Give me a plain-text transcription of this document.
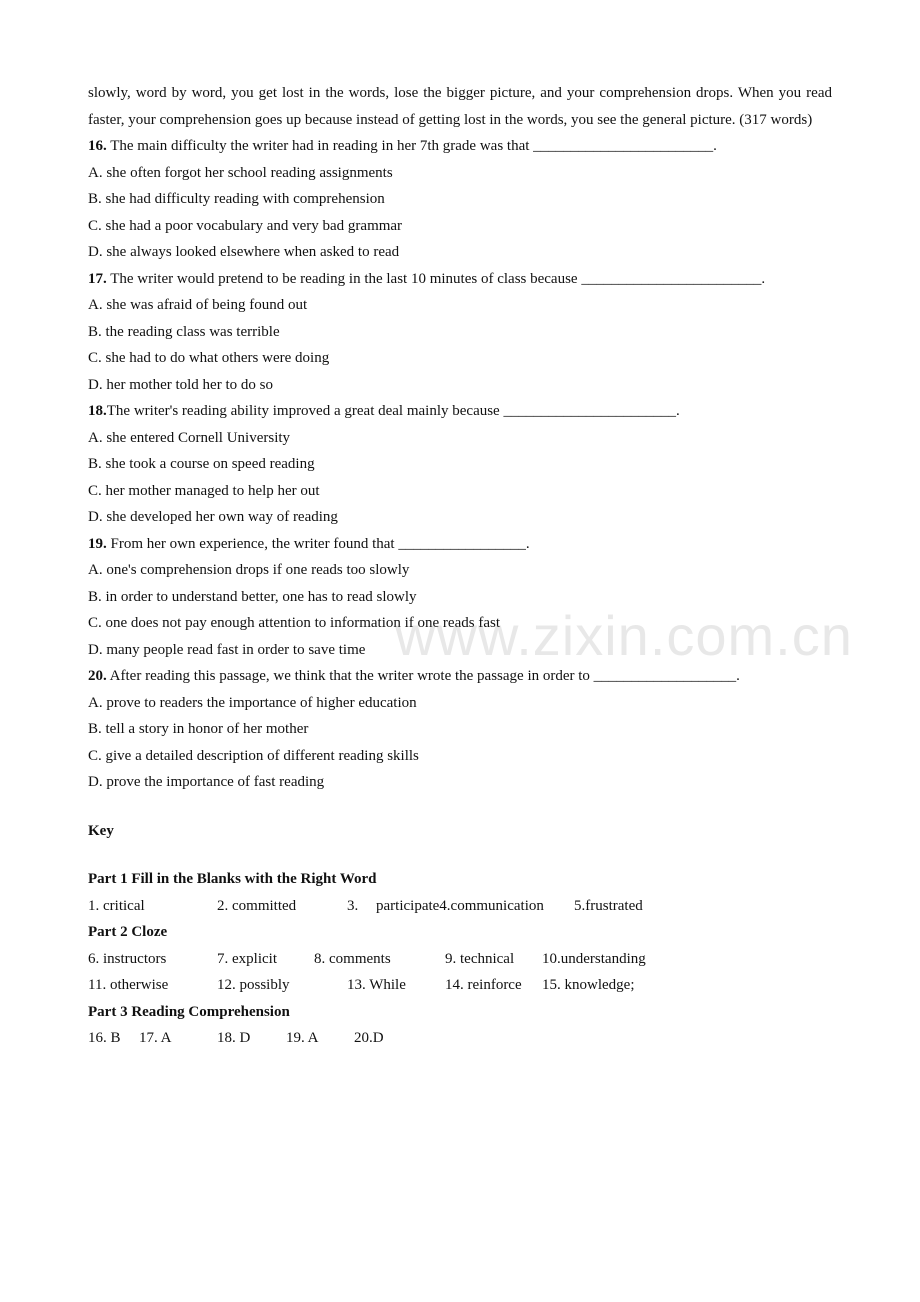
slowly, word by word, you get lost in the words, lose the bigger picture, and your comprehension drops. When you read faster, your comprehension goes up because instead of getting lost in the words, you see the general picture. (317 words)
16. The main difficulty the writer had in reading in her 7th grade was that ________________________.
A. she often forgot her school reading assignments
B. she had difficulty reading with comprehension
C. she had a poor vocabulary and very bad grammar
D. she always looked elsewhere when asked to read
17. The writer would pretend to be reading in the last 10 minutes of class because ________________________.
A. she was afraid of being found out
B. the reading class was terrible
C. she had to do what others were doing
D. her mother told her to do so
18.The writer's reading ability improved a great deal mainly because _______________________.
A. she entered Cornell University
B. she took a course on speed reading
C. her mother managed to help her out
D. she developed her own way of reading
19. From her own experience, the writer found that _________________.
A. one's comprehension drops if one reads too slowly
B. in order to understand better, one has to read slowly
C. one does not pay enough attention to information if one reads fast
D. many people read fast in order to save time
20. After reading this passage, we think that the writer wrote the passage in order to ___________________.
A. prove to readers the importance of higher education
B. tell a story in honor of her mother
C. give a detailed description of different reading skills
D. prove the importance of fast reading
Key
Part 1 Fill in the Blanks with the Right Word
1. critical	2. committed	3. participate4.communication 5.frustrated
Part 2 Cloze
6. instructors	7. explicit 8. comments	9. technical 10.understanding
11. otherwise	12. possibly	13. While	14. reinforce 15. knowledge;
Part 3 Reading Comprehension
16. B 17. A	18. D 19. A 20.D
www.zixin.com.cn
